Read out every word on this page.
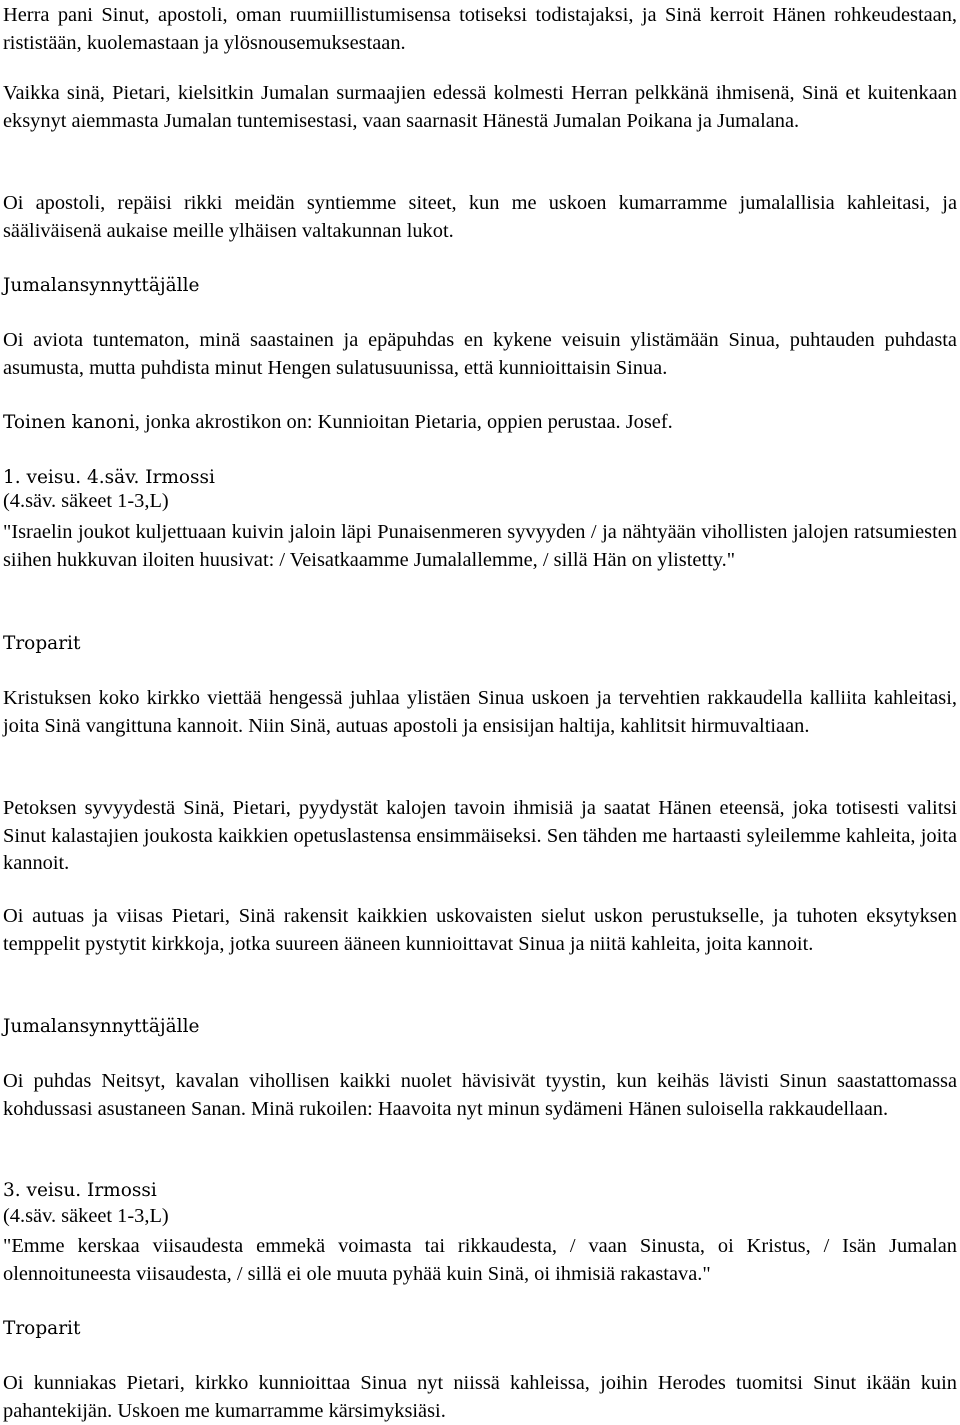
Herra pani Sinut, apostoli, oman ruumiillistumisensa totiseksi todistajaksi, ja Sinä kerroit Hänen rohkeudestaan, rististään, kuolemastaan ja ylösnousemuksestaan.

Vaikka sinä, Pietari, kielsitkin Jumalan surmaajien edessä kolmesti Herran pelkkänä ihmisenä, Sinä et kuitenkaan eksynyt aiemmasta Jumalan tuntemisestasi, vaan saarnasit Hänestä Jumalan Poikana ja Jumalana.

Oi apostoli, repäisi rikki meidän syntiemme siteet, kun me uskoen kumarramme jumalallisia kahleitasi, ja sääliväisenä aukaise meille ylhäisen valtakunnan lukot.

Jumalansynnyttäjälle

Oi aviota tuntematon, minä saastainen ja epäpuhdas en kykene veisuin ylistämään Sinua, puhtauden puhdasta asumusta, mutta puhdista minut Hengen sulatusuunissa, että kunnioittaisin Sinua.

Toinen kanoni, jonka akrostikon on: Kunnioitan Pietaria, oppien perustaa. Josef.
1. veisu. 4.säv. Irmossi
(4.säv. säkeet 1-3,L)

"Israelin joukot kuljettuaan kuivin jaloin läpi Punaisenmeren syvyyden / ja nähtyään vihollisten jalojen ratsumiesten siihen hukkuvan iloiten huusivat: / Veisatkaamme Jumalallemme, / sillä Hän on ylistetty."

Troparit

Kristuksen koko kirkko viettää hengessä juhlaa ylistäen Sinua uskoen ja tervehtien rakkaudella kalliita kahleitasi, joita Sinä vangittuna kannoit. Niin Sinä, autuas apostoli ja ensisijan haltija, kahlitsit hirmuvaltiaan.

Petoksen syvyydestä Sinä, Pietari, pyydystät kalojen tavoin ihmisiä ja saatat Hänen eteensä, joka totisesti valitsi Sinut kalastajien joukosta kaikkien opetuslastensa ensimmäiseksi. Sen tähden me hartaasti syleilemme kahleita, joita kannoit.

Oi autuas ja viisas Pietari, Sinä rakensit kaikkien uskovaisten sielut uskon perustukselle, ja tuhoten eksytyksen temppelit pystytit kirkkoja, jotka suureen ääneen kunnioittavat Sinua ja niitä kahleita, joita kannoit.

Jumalansynnyttäjälle

Oi puhdas Neitsyt, kavalan vihollisen kaikki nuolet hävisivät tyystin, kun keihäs lävisti Sinun saastattomassa kohdussasi asustaneen Sanan. Minä rukoilen: Haavoita nyt minun sydämeni Hänen suloisella rakkaudellaan.

3. veisu. Irmossi
(4.säv. säkeet 1-3,L)

"Emme kerskaa viisaudesta emmekä voimasta tai rikkaudesta, / vaan Sinusta, oi Kristus, / Isän Jumalan olennoituneesta viisaudesta, / sillä ei ole muuta pyhää kuin Sinä, oi ihmisiä rakastava."

Troparit

Oi kunniakas Pietari, kirkko kunnioittaa Sinua nyt niissä kahleissa, joihin Herodes tuomitsi Sinut ikään kuin pahantekijän. Uskoen me kumarramme kärsimyksiäsi.
